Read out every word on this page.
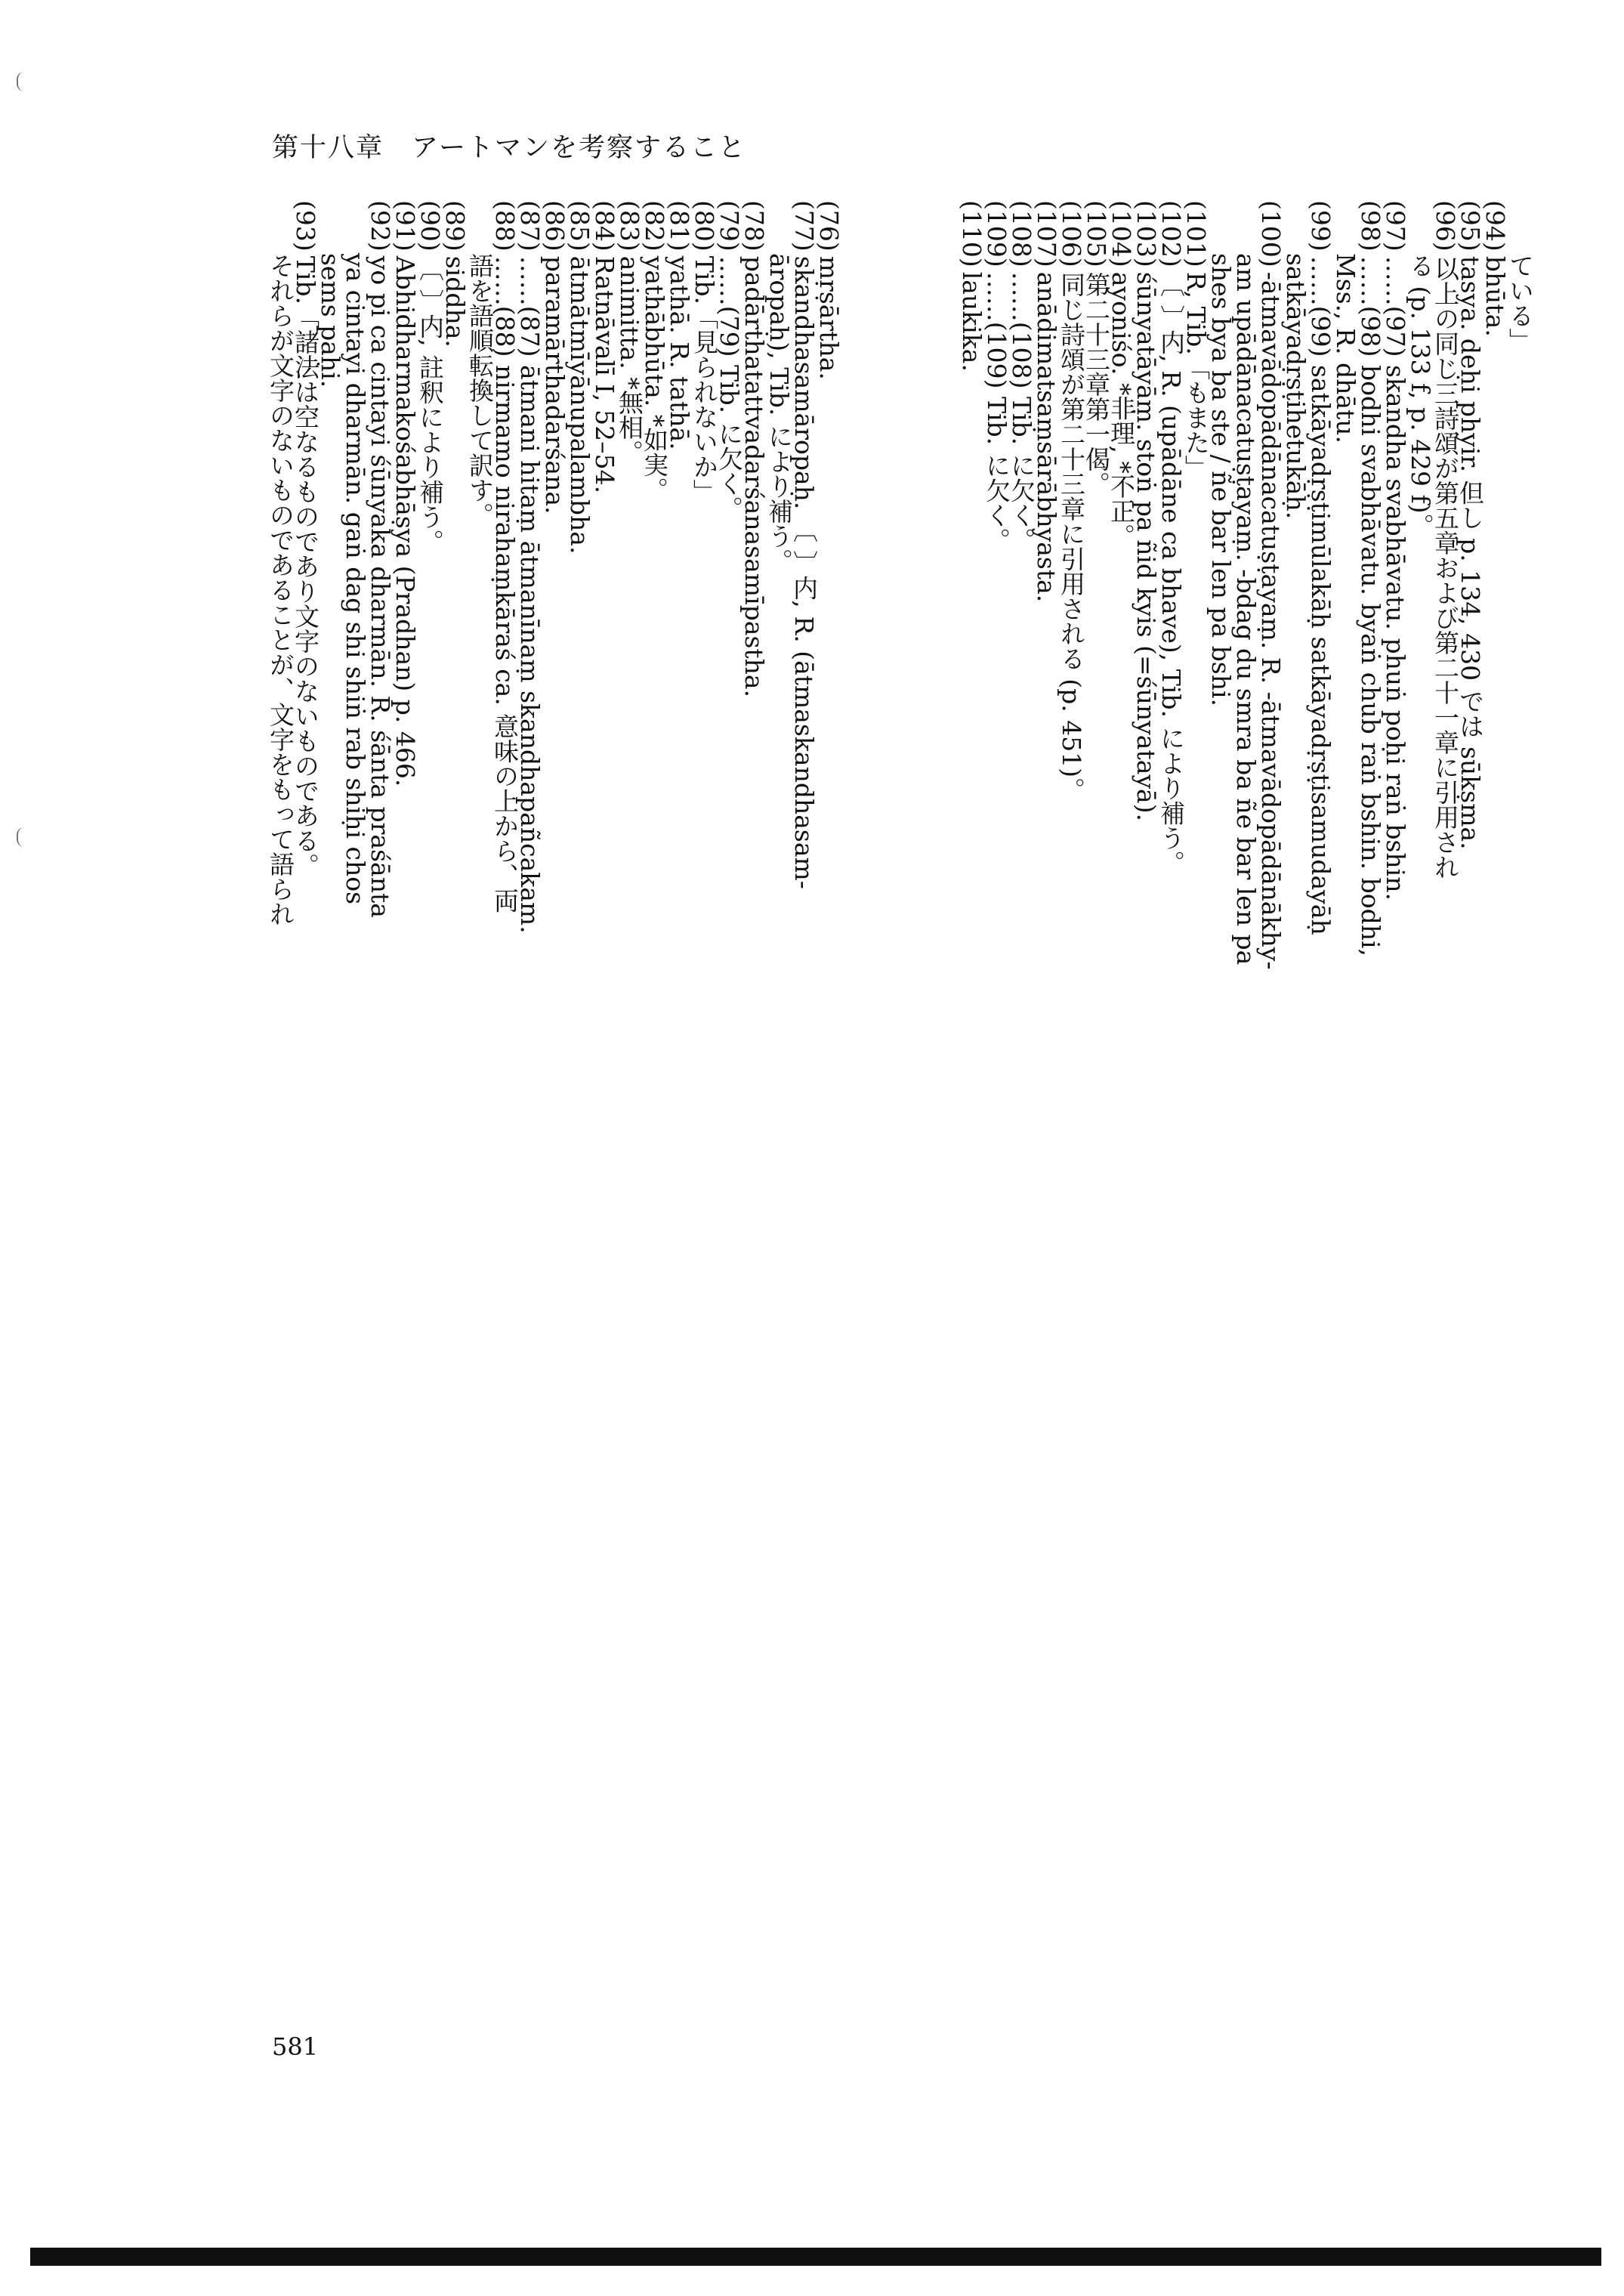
第十八章　アートマンを考察すること
(76)mṛṣārtha.
(77)skandhasamāropaḥ. 〔 〕内, R. (ātmaskandhasam-
āropaḥ), Tib. により補う。
(78)padārthatattvadarśanasamīpastha.
(79)……(79) Tib. に欠く。
(80)Tib.「見られないか」
(81)yathā. R. tathā.
(82)yathābhūta. *如実。
(83)animitta. *無相。
(84)Ratnāvalī I, 52–54.
(85)ātmātmīyānupalambha.
(86)paramārthadarśana.
(87)……(87) ātmani hitaṃ ātmanīnaṃ skandhapañcakam.
(88)……(88) nirmamo nirahaṃkāraś ca. 意味の上から、両
語を語順転換して訳す。
(89)siddha.
(90)〔 〕内, 註釈により補う。
(91)Abhidharmakośabhāṣya (Pradhan) p. 466.
(92)yo pi ca cintayi śūnyaka dharmān. R. śānta praśānta
ya cintayi dharmān. gaṅ dag shi shiṅ rab shiḥi chos
sems paḥi.
(93)Tib.「諸法は空なるものであり文字のないものである。
それらが文字のないものであることが、文字をもって語られ	ている」
(94)bhūta.
(95)tasya. deḥi phyir. 但し p. 134, 430 では sūkṣma.
(96)以上の同じ三詩頌が第五章および第二十一章に引用され
る (p. 133 f, p. 429 f)。
(97)……(97) skandha svabhāvatu. phuṅ poḥi raṅ bshin.
(98)……(98) bodhi svabhāvatu. byaṅ chub raṅ bshin. bodhi,
Mss., R. dhātu.
(99)……(99) satkāyadṛṣṭimūlakāḥ satkāyadṛṣṭisamudayāḥ
satkāyadṛṣṭihetukāḥ.
(100)-ātmavādopādānacatuṣṭayaṃ. R. -ātmavādopādānākhy-
am upādānacatuṣṭayaṃ. -bdag du smra ba ñe bar len pa
shes bya ba ste / ñe bar len pa bshi.
(101)R, Tib.「もまた」
(102)〔 〕内, R. (upādāne ca bhave), Tib. により補う。
(103)śūnyatāyāṃ. stoṅ pa ñid kyis (=śūnyatayā).
(104)ayoniśo. *非理, *不正。
(105)第二十三章第一偈。
(106)同じ詩頌が第二十三章に引用される (p. 451)。
(107)anādimatsaṃsārābhyasta.
(108)……(108) Tib. に欠く。
(109)……(109) Tib. に欠く。
(110)laukika.
581
